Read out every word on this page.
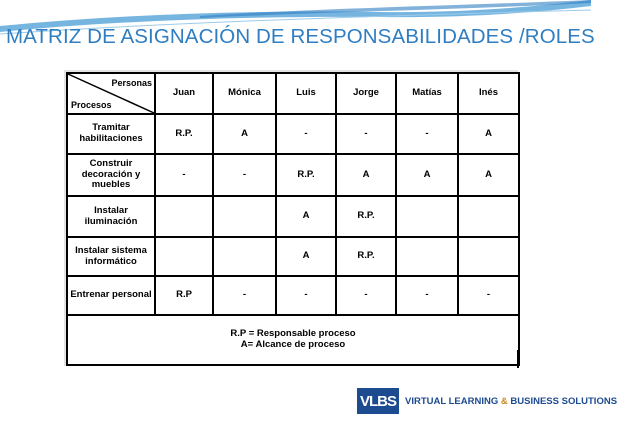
MATRIZ DE ASIGNACIÓN DE RESPONSABILIDADES /ROLES
Personas
Procesos	Juan	Mónica	Luis	Jorge	Matías	Inés
Tramitar habilitaciones	R.P.	A	-	-	-	A
Construir decoración y muebles	-	-	R.P.	A	A	A
Instalar iluminación			A	R.P.		
Instalar sistema informático			A	R.P.		
Entrenar personal	R.P	-	-	-	-	-

R.P = Responsable proceso
A= Alcance de proceso						
VLBS VIRTUAL LEARNING & BUSINESS SOLUTIONS
